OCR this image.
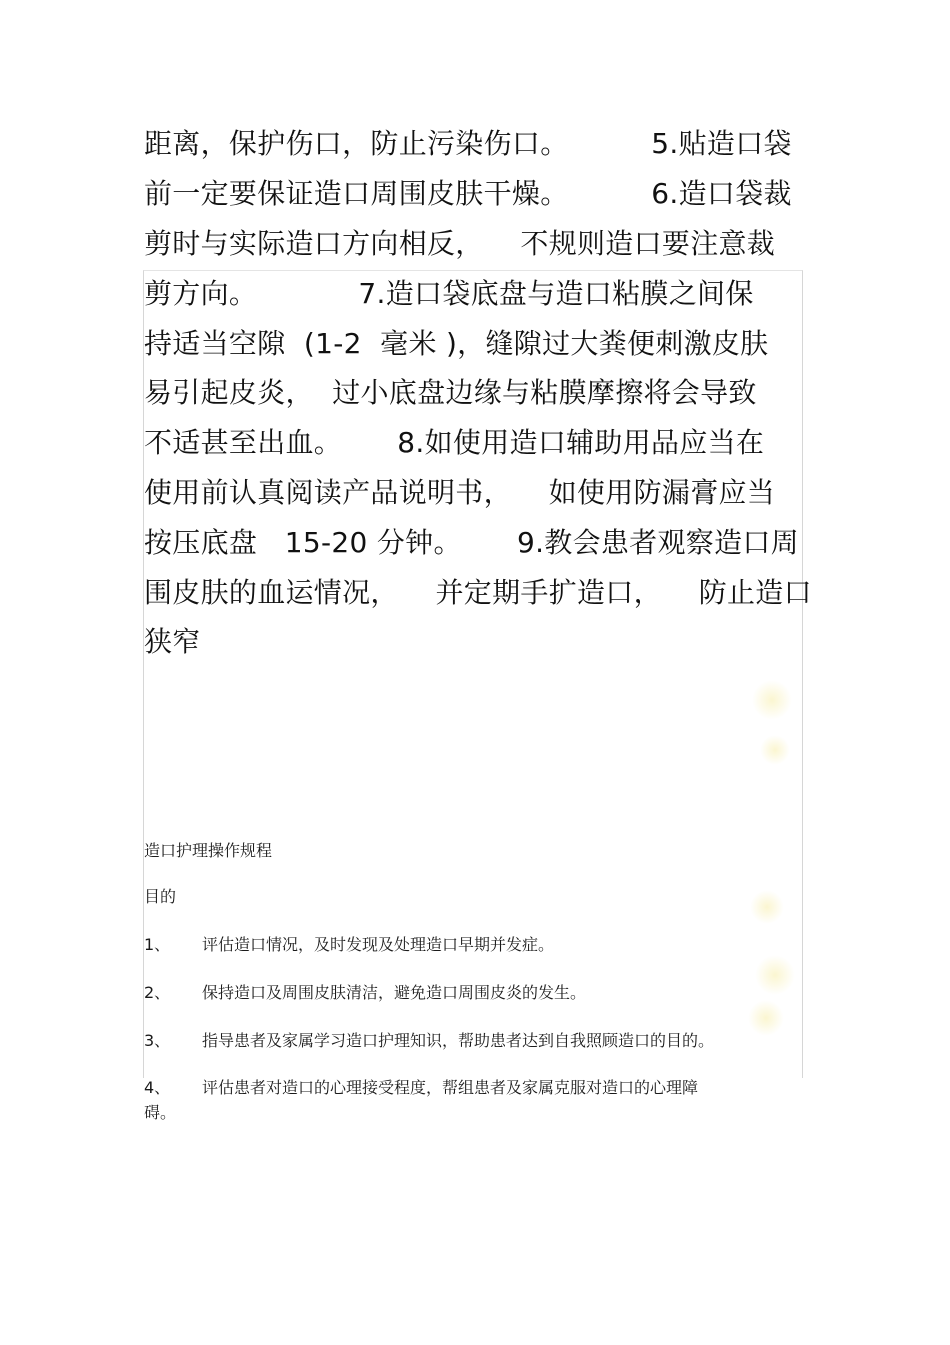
距离，保护伤口，防止污染伤口。         5.贴造口袋
前一定要保证造口周围皮肤干燥。         6.造口袋裁
剪时与实际造口方向相反，    不规则造口要注意裁
剪方向。           7.造口袋底盘与造口粘膜之间保
持适当空隙  (1-2  毫米 )，缝隙过大粪便刺激皮肤
易引起皮炎，  过小底盘边缘与粘膜摩擦将会导致
不适甚至出血。      8.如使用造口辅助用品应当在
使用前认真阅读产品说明书，    如使用防漏膏应当
按压底盘   15-20 分钟。      9.教会患者观察造口周
围皮肤的血运情况，    并定期手扩造口，    防止造口
狭窄
造口护理操作规程
目的
1、 评估造口情况，及时发现及处理造口早期并发症。
2、 保持造口及周围皮肤清洁，避免造口周围皮炎的发生。
3、 指导患者及家属学习造口护理知识，帮助患者达到自我照顾造口的目的。
4、 评估患者对造口的心理接受程度，帮组患者及家属克服对造口的心理障
碍。
